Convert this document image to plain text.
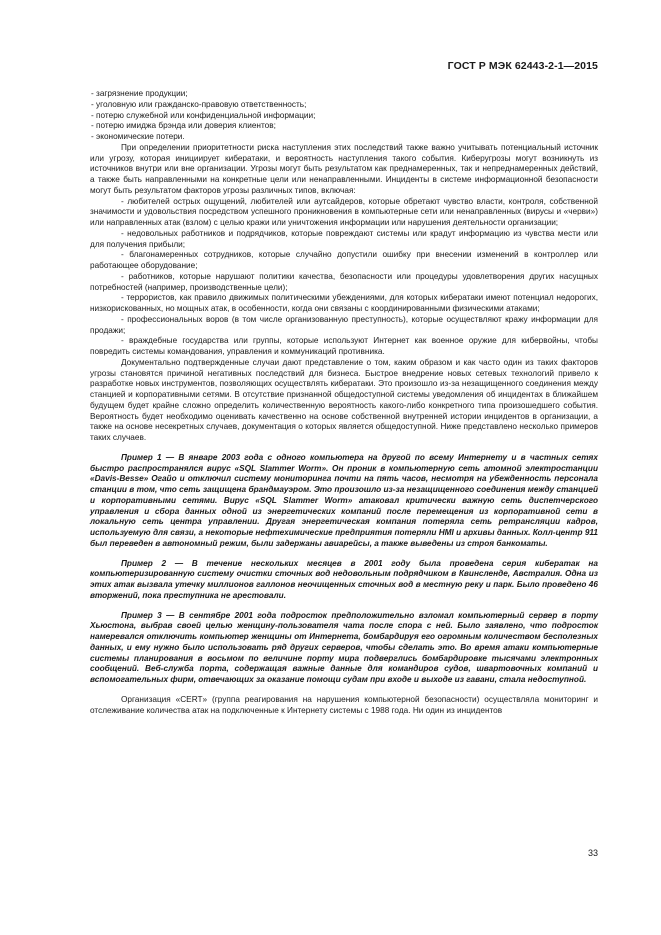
ГОСТ Р МЭК 62443-2-1—2015

- загрязнение продукции;

- уголовную или гражданско-правовую ответственность;

- потерю служебной или конфиденциальной информации;

- потерю имиджа брэнда или доверия клиентов;

- экономические потери.

При определении приоритетности риска наступления этих последствий также важно учитывать потенциальный источник или угрозу, которая инициирует кибератаки, и вероятность наступления такого события. Киберугрозы могут возникнуть из источников внутри или вне организации. Угрозы могут быть результатом как преднамеренных, так и непреднамеренных действий, а также быть направленными на конкретные цели или ненаправленными. Инциденты в системе информационной безопасности могут быть результатом факторов угрозы различных типов, включая:

- любителей острых ощущений, любителей или аутсайдеров, которые обретают чувство власти, контроля, собственной значимости и удовольствия посредством успешного проникновения в компьютерные сети или ненаправленных (вирусы и «черви») или направленных атак (взлом) с целью кражи или уничтожения информации или нарушения деятельности организации;

- недовольных работников и подрядчиков, которые повреждают системы или крадут информацию из чувства мести или для получения прибыли;

- благонамеренных сотрудников, которые случайно допустили ошибку при внесении изменений в контроллер или работающее оборудование;

- работников, которые нарушают политики качества, безопасности или процедуры удовлетворения других насущных потребностей (например, производственные цели);

- террористов, как правило движимых политическими убеждениями, для которых кибератаки имеют потенциал недорогих, низкорискованных, но мощных атак, в особенности, когда они связаны с координированными физическими атаками;

- профессиональных воров (в том числе организованную преступность), которые осуществляют кражу информации для продажи;

- враждебные государства или группы, которые используют Интернет как военное оружие для кибервойны, чтобы повредить системы командования, управления и коммуникаций противника.

Документально подтвержденные случаи дают представление о том, каким образом и как часто один из таких факторов угрозы становятся причиной негативных последствий для бизнеса. Быстрое внедрение новых сетевых технологий привело к разработке новых инструментов, позволяющих осуществлять кибератаки. Это произошло из-за незащищенного соединения между станцией и корпоративными сетями. В отсутствие признанной общедоступной системы уведомления об инцидентах в ближайшем будущем будет крайне сложно определить количественную вероятность какого-либо конкретного типа произошедшего события. Вероятность будет необходимо оценивать качественно на основе собственной внутренней истории инцидентов в организации, а также на основе несекретных случаев, документация о которых является общедоступной. Ниже представлено несколько примеров таких случаев.

Пример 1 — В январе 2003 года с одного компьютера на другой по всему Интернету и в частных сетях быстро распространялся вирус «SQL Slammer Worm». Он проник в компьютерную сеть атомной электростанции «Davis-Besse» Огайо и отключил систему мониторинга почти на пять часов, несмотря на убежденность персонала станции в том, что сеть защищена брандмауэром. Это произошло из-за незащищенного соединения между станцией и корпоративными сетями. Вирус «SQL Slammer Worm» атаковал критически важную сеть диспетчерского управления и сбора данных одной из энергетических компаний после перемещения из корпоративной сети в локальную сеть центра управлении. Другая энергетическая компания потеряла сеть ретрансляции кадров, используемую для связи, а некоторые нефтехимические предприятия потеряли HMI и архивы данных. Колл-центр 911 был переведен в автономный режим, были задержаны авиарейсы, а также выведены из строя банкоматы.

Пример 2 — В течение нескольких месяцев в 2001 году была проведена серия кибератак на компьютеризированную систему очистки сточных вод недовольным подрядчиком в Квинсленде, Австралия. Одна из этих атак вызвала утечку миллионов галлонов неочищенных сточных вод в местную реку и парк. Было проведено 46 вторжений, пока преступника не арестовали.

Пример 3 — В сентябре 2001 года подросток предположительно взломал компьютерный сервер в порту Хьюстона, выбрав своей целью женщину-пользователя чата после спора с ней. Было заявлено, что подросток намеревался отключить компьютер женщины от Интернета, бомбардируя его огромным количеством бесполезных данных, и ему нужно было использовать ряд других серверов, чтобы сделать это. Во время атаки компьютерные системы планирования в восьмом по величине порту мира подверглись бомбардировке тысячами электронных сообщений. Веб-служба порта, содержащая важные данные для командиров судов, швартовочных компаний и вспомогательных фирм, отвечающих за оказание помощи судам при входе и выходе из гавани, стала недоступной.

Организация «CERT» (группа реагирования на нарушения компьютерной безопасности) осуществляла мониторинг и отслеживание количества атак на подключенные к Интернету системы с 1988 года. Ни один из инцидентов

33
